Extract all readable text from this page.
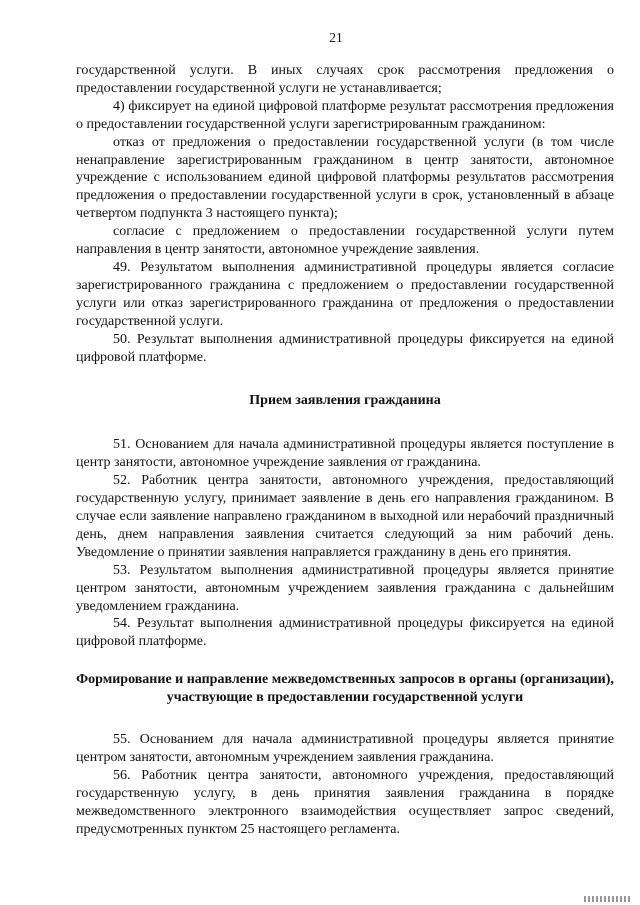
21

государственной услуги. В иных случаях срок рассмотрения предложения о предоставлении государственной услуги не устанавливается;

4) фиксирует на единой цифровой платформе результат рассмотрения предложения о предоставлении государственной услуги зарегистрированным гражданином:

отказ от предложения о предоставлении государственной услуги (в том числе ненаправление зарегистрированным гражданином в центр занятости, автономное учреждение с использованием единой цифровой платформы результатов рассмотрения предложения о предоставлении государственной услуги в срок, установленный в абзаце четвертом подпункта 3 настоящего пункта);

согласие с предложением о предоставлении государственной услуги путем направления в центр занятости, автономное учреждение заявления.

49. Результатом выполнения административной процедуры является согласие зарегистрированного гражданина с предложением о предоставлении государственной услуги или отказ зарегистрированного гражданина от предложения о предоставлении государственной услуги.

50. Результат выполнения административной процедуры фиксируется на единой цифровой платформе.

Прием заявления гражданина

51. Основанием для начала административной процедуры является поступление в центр занятости, автономное учреждение заявления от гражданина.

52. Работник центра занятости, автономного учреждения, предоставляющий государственную услугу, принимает заявление в день его направления гражданином. В случае если заявление направлено гражданином в выходной или нерабочий праздничный день, днем направления заявления считается следующий за ним рабочий день. Уведомление о принятии заявления направляется гражданину в день его принятия.

53. Результатом выполнения административной процедуры является принятие центром занятости, автономным учреждением заявления гражданина с дальнейшим уведомлением гражданина.

54. Результат выполнения административной процедуры фиксируется на единой цифровой платформе.

Формирование и направление межведомственных запросов в органы (организации), участвующие в предоставлении государственной услуги

55. Основанием для начала административной процедуры является принятие центром занятости, автономным учреждением заявления гражданина.

56. Работник центра занятости, автономного учреждения, предоставляющий государственную услугу, в день принятия заявления гражданина в порядке межведомственного электронного взаимодействия осуществляет запрос сведений, предусмотренных пунктом 25 настоящего регламента.
